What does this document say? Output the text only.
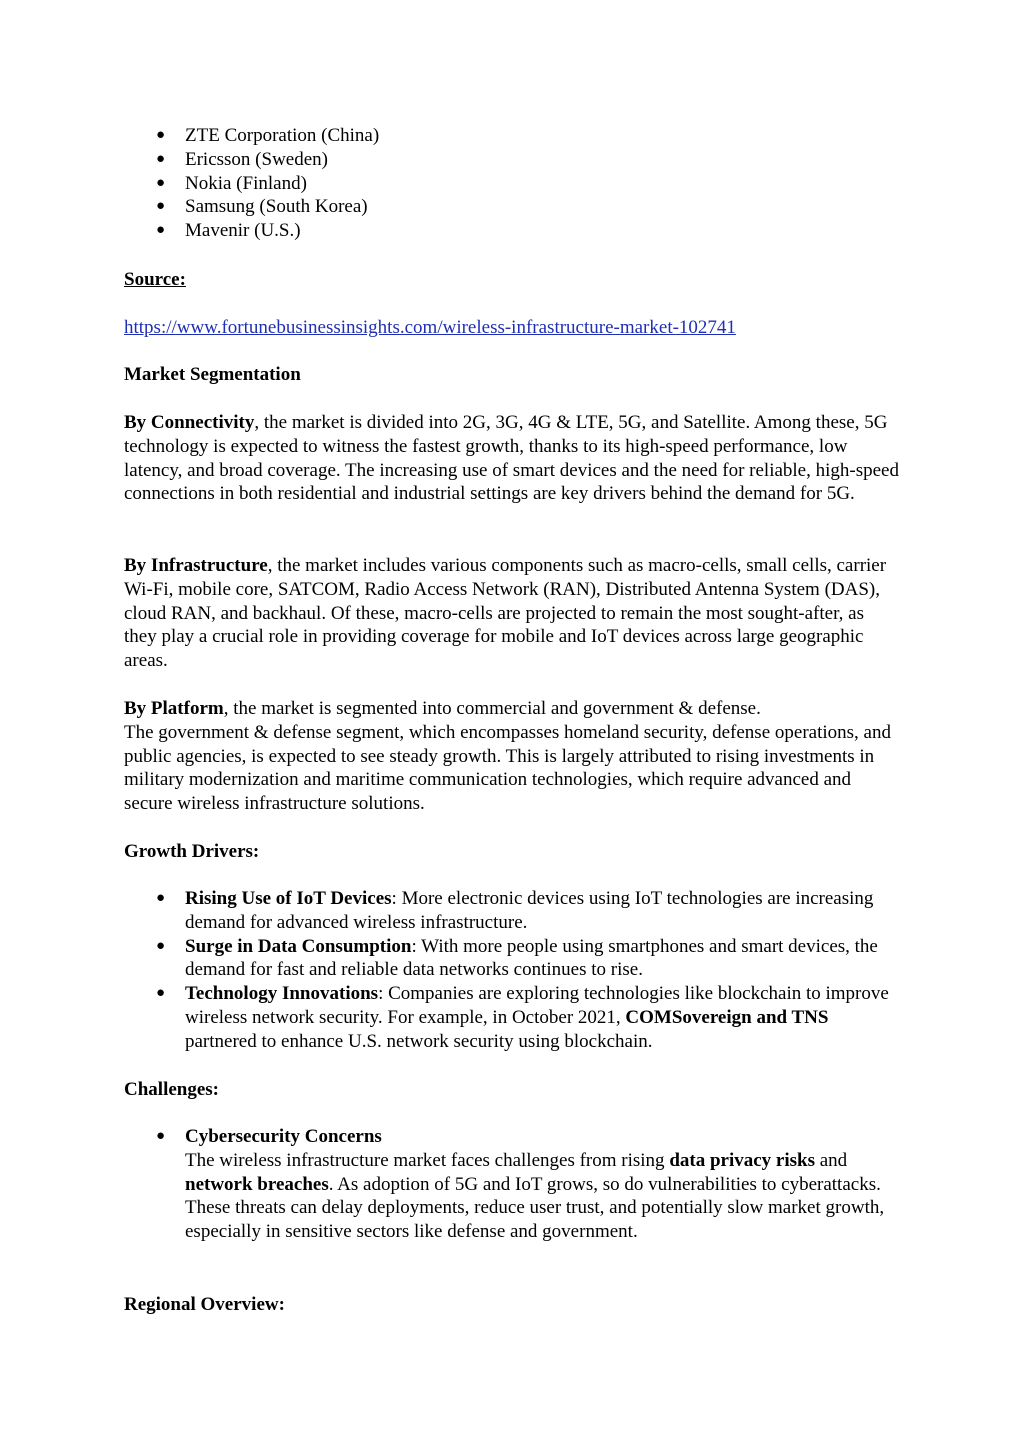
● ZTE Corporation (China)
● Ericsson (Sweden)
● Nokia (Finland)
● Samsung (South Korea)
● Mavenir (U.S.)
Source:
https://www.fortunebusinessinsights.com/wireless-infrastructure-market-102741
Market Segmentation

By Connectivity, the market is divided into 2G, 3G, 4G & LTE, 5G, and Satellite. Among these, 5G technology is expected to witness the fastest growth, thanks to its high-speed performance, low latency, and broad coverage. The increasing use of smart devices and the need for reliable, high-speed connections in both residential and industrial settings are key drivers behind the demand for 5G.

By Infrastructure, the market includes various components such as macro-cells, small cells, carrier Wi-Fi, mobile core, SATCOM, Radio Access Network (RAN), Distributed Antenna System (DAS), cloud RAN, and backhaul. Of these, macro-cells are projected to remain the most sought-after, as they play a crucial role in providing coverage for mobile and IoT devices across large geographic areas.

By Platform, the market is segmented into commercial and government & defense.
The government & defense segment, which encompasses homeland security, defense operations, and public agencies, is expected to see steady growth. This is largely attributed to rising investments in military modernization and maritime communication technologies, which require advanced and secure wireless infrastructure solutions.

Growth Drivers:
● Rising Use of IoT Devices: More electronic devices using IoT technologies are increasing demand for advanced wireless infrastructure.
● Surge in Data Consumption: With more people using smartphones and smart devices, the demand for fast and reliable data networks continues to rise.
● Technology Innovations: Companies are exploring technologies like blockchain to improve wireless network security. For example, in October 2021, COMSovereign and TNS partnered to enhance U.S. network security using blockchain.
Challenges:
● Cybersecurity Concerns
The wireless infrastructure market faces challenges from rising data privacy risks and network breaches. As adoption of 5G and IoT grows, so do vulnerabilities to cyberattacks. These threats can delay deployments, reduce user trust, and potentially slow market growth, especially in sensitive sectors like defense and government.
Regional Overview:
